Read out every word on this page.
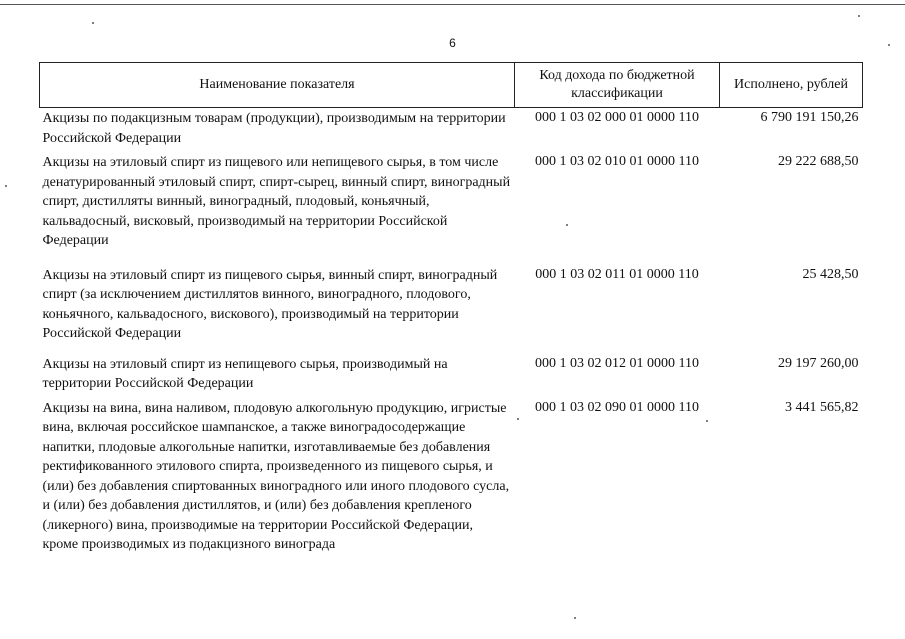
6
Наименование показателя	Код дохода по бюджетной классификации	Исполнено, рублей
Акцизы по подакцизным товарам (продукции), производимым на территории Российской Федерации	000 1 03 02 000 01 0000 110	6 790 191 150,26
Акцизы на этиловый спирт из пищевого или непищевого сырья, в том числе денатурированный этиловый спирт, спирт-сырец, винный спирт, виноградный спирт, дистилляты винный, виноградный, плодовый, коньячный, кальвадосный, висковый, производимый на территории Российской Федерации	000 1 03 02 010 01 0000 110	29 222 688,50
Акцизы на этиловый спирт из пищевого сырья, винный спирт, виноградный спирт (за исключением дистиллятов винного, виноградного, плодового, коньячного, кальвадосного, вискового), производимый на территории Российской Федерации	000 1 03 02 011 01 0000 110	25 428,50
Акцизы на этиловый спирт из непищевого сырья, производимый на территории Российской Федерации	000 1 03 02 012 01 0000 110	29 197 260,00
Акцизы на вина, вина наливом, плодовую алкогольную продукцию, игристые вина, включая российское шампанское, а также виноградосодержащие напитки, плодовые алкогольные напитки, изготавливаемые без добавления ректификованного этилового спирта, произведенного из пищевого сырья, и (или) без добавления спиртованных виноградного или иного плодового сусла, и (или) без добавления дистиллятов, и (или) без добавления крепленого (ликерного) вина, производимые на территории Российской Федерации, кроме производимых из подакцизного винограда	000 1 03 02 090 01 0000 110	3 441 565,82
